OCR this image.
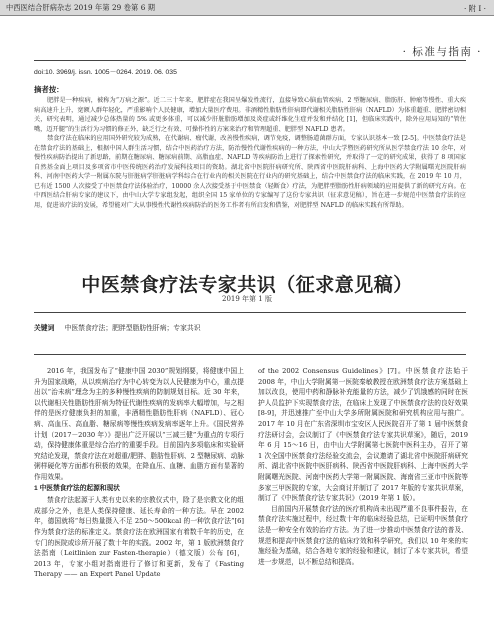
中西医结合肝病杂志 2019 年第 29 卷第 6 期	· 附 I ·
· 标准与指南 ·
doi:10. 3969/j. issn. 1005－0264. 2019. 06. 035
摘者按：

肥胖是一种疾病，被称为“万病之源”。近二三十年来，肥胖症在我国呈爆发性流行，直接导致心脑血管疾病、2 型糖尿病、脂肪肝、肿瘤等慢性、重大疾病高速升上升，宽额人群年轻化，严重影响个人民健康，增加大量医疗费用。非酒精性脂肪性肝病即代谢相关脂肪性肝病（NAFLD）为体重超重、肥胖密切相关，研究表明，通过减少总体热量的 5% 或更多体重，可以减少肝脏脂肪增加及炎症或纤维化生症并发和并结化 [1]，但临床实践中，除外应用局知的“管住嘴，迈开腿”的生活行为习惯的修正外，缺乏行之有效、可操作性的方案来治疗和管理超重、肥胖型 NAFLD 患者。

禁食疗法在临床的应用国外研究较为成熟，在代谢病、瘤代谢，改善慢性疾病，调节免疫，调整肠道菌群方面，专家认识基本一致 [2-5]。中医禁食疗法是在禁食疗法的基础上，根据中国人群生活习惯，结合中医药治疗方法，防治慢性代谢性疾病的一种方法，中山大学暨医药研究所从医学禁食疗法 10 余年，对慢性疾病防治提出了新思路，前期在糖尿病、糖尿病前期、高脂血症、NAFLD 等疾病防治上进行了探索性研究，并取得了一定的研究成果，获得了 8 项国家自然基金面上项目及多项省市中医传统医药治疗发展科技项目的资助。湖北省中医院肝病研究所、陕西省中医院肝病科、上海中医药大学附属曙光医院肝病科、河南中医药大学一附属东院与肝脏病学肝脏病学科综合在行业内的相关医院在行业内的研究基础上，结合中医禁食疗法的临床实践，在 2019 年 10 月，已有近 1500 人次接受了中医禁食疗法体验治疗，10000 余人次接受基于中医禁食（轻断食）疗法，为肥胖型脂肪性肝病领域的应用提供了新的研究方向。在中西医结合肝病专家的建议下，由中山大学专家组发起，组织全国 15 家单位的专家编写了这份专家共识（征求意见稿），旨在进一步规范中医禁食疗法的应用，促进该疗法的发展，希望能对广大从事慢性代谢性疾病防治的医务工作者有所启发和借鉴，对肥胖型 NAFLD 的临床实践有所帮助。

中医禁食疗法专家共识（征求意见稿）
2019 年第 1 版
关键词 中医禁食疗法；肥胖型脂肪性肝病；专家共识

2016 年，我国发布了“健康中国 2030”规划纲要，将健康中国上升为国家战略，从以疾病治疗为中心转变为以人民健康为中心，重点提出以“治未病”理念为主的多种慢性疾病的防制规划目标。近 30 年来，以代谢相关性脂肪性肝病为特征代谢性疾病的发病率大幅增加，与之相伴的是医疗健康负担的加重，非酒精性脂肪性肝病（NAFLD）、冠心病、高血压、高血脂、糖尿病等慢性疾病发病率逐年上升。《国民营养计划（2017－2030 年）》提出广泛开展以“三减三健”为重点的专项行动，保持健康体重是综合治疗的重要手段。目前国内多项临床和实验研究结论发现，禁食疗法在对超重/肥胖、脂肪性肝病、2 型糖尿病、动脉粥样硬化等方面都有积极的效果，在降血压、血糖、血脂方面有显著的作用效果。

1 中医禁食疗法的起源和现状

禁食疗法起源于人类有史以来的宗教仪式中，除了是宗教文化的组成部分之外，也是人类保持健康、延长寿命的一种方法。早在 2002 年，德国就将“每日热量摄入不足 250～500kcal 的一种饮食疗法”[6] 作为禁食疗法的标准定义。禁食疗法在欧洲国家有着数千年的历史，在专门的医院或诊所开展了数十年的实践。2002 年，第 1 版欧洲禁食疗法指南（Leitlinien zur Fasten-therapie）（德文版）公布 [6]，2013 年，专家小组对指南进行了修订和更新，发布了《Fasting Therapy —— an Expert Panel Update

of the 2002 Consensus Guidelines》[7]。中医禁食疗法始于 2008 年，中山大学附属第一医院秦敏教授在欧洲禁食疗法方案基础上加以改良，使用中药和静脉补充能量的方法，减少了饥饿感的同时在医护人员监护下实现禁食疗法，在临床上发现了中医禁食疗法的良好效果 [8-9]，并迅速推广至中山大学多所附属医院和研究机构应用与推广。2017 年 10 月在广东省深圳市宝安区人民医院召开了第 1 届中医禁食疗法研讨会，会议制订了《中医禁食疗法专家共识草案》，随后，2019 年 6 月 15～16 日，由中山大学附属第七医院中医科主办，召开了第 1 次全国中医禁食疗法经验交流会，会议邀请了湖北省中医院肝病研究所、湖北省中医院中医肝病科、陕西省中医院肝病科、上海中医药大学附属曙光医院、河南中医药大学第一附属医院、海南省三亚市中医院等多家三甲医院的专家，大会商讨并制订了 2017 年版的专家共识草案，制订了《中医禁食疗法专家共识》（2019 年第 1 版）。

目前国内开展禁食疗法的医疗机构尚未出现严重不良事件报告，在禁食疗法实施过程中，经过数十年的临床经验总结，已证明中医禁食疗法是一种安全有效的治疗方法。为了进一步推动中医禁食疗法的普及、规范和提高中医禁食疗法的临床疗效和科学研究，我们以 10 年来的实施经验为基础，结合各地专家的经验和建议，制订了本专家共识，希望进一步规范，以不断总结和提高。
